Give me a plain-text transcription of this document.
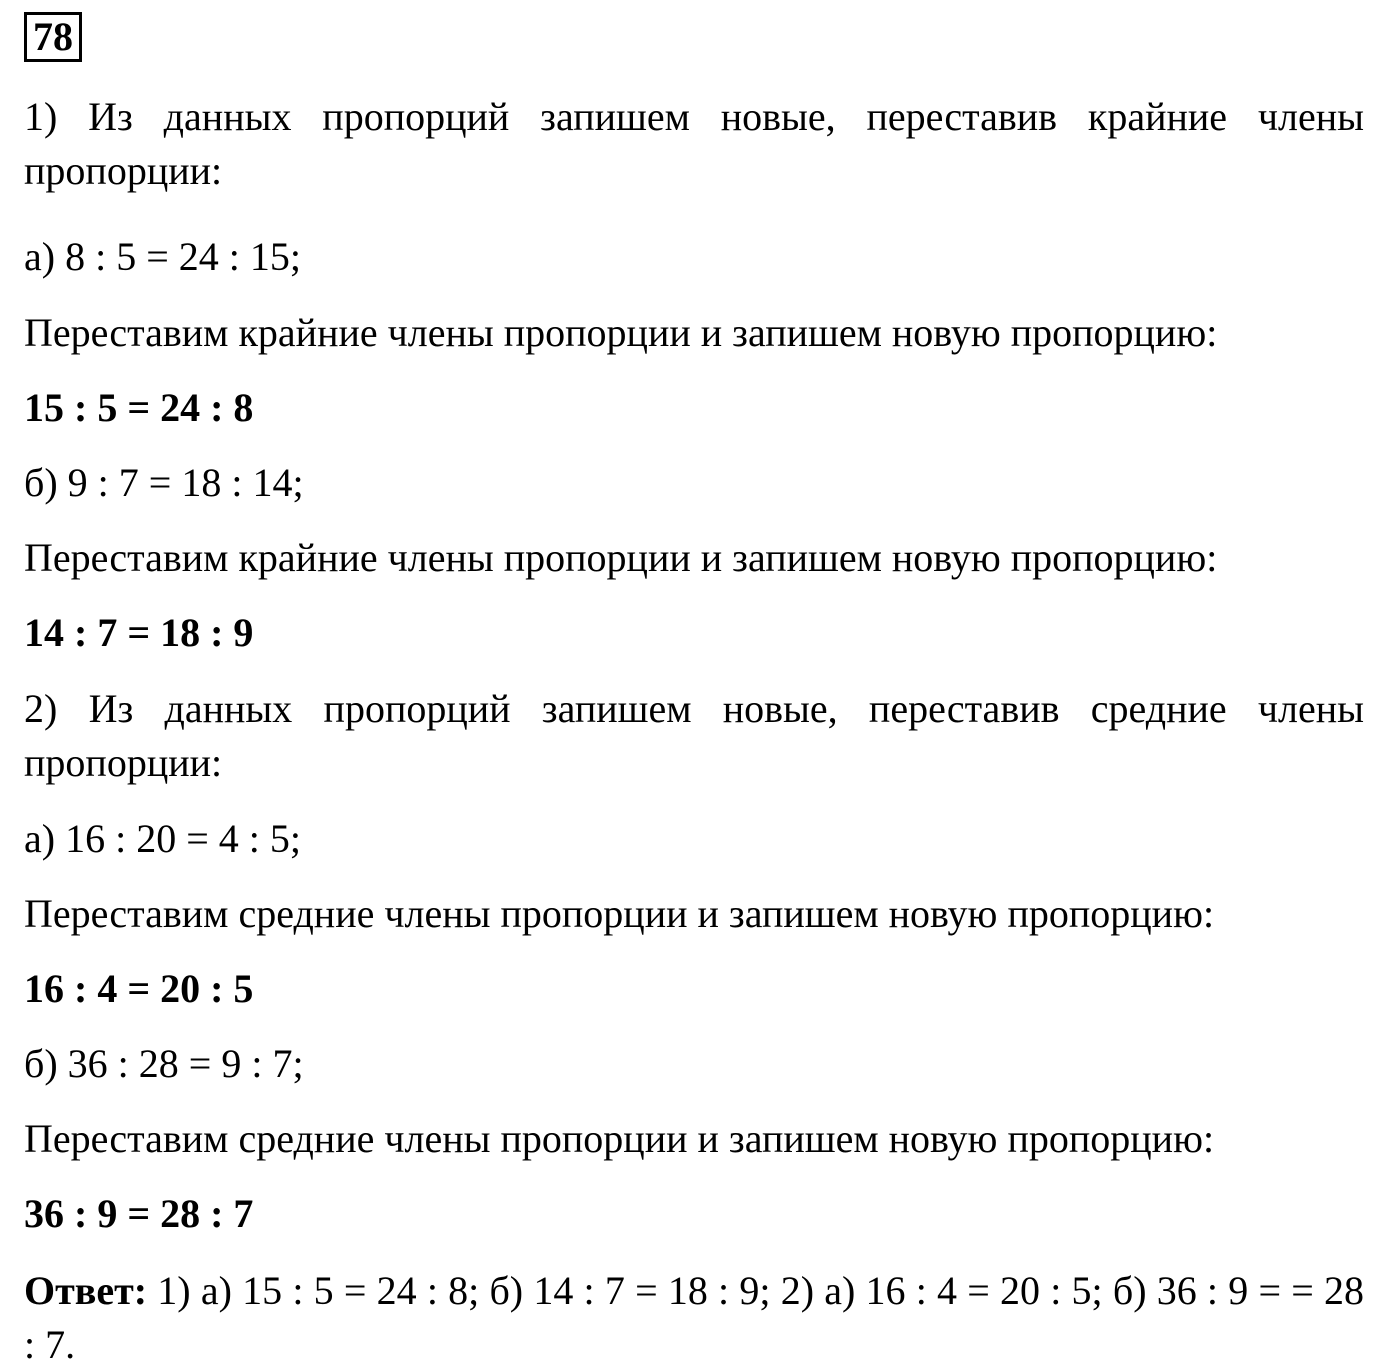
78
1) Из данных пропорций запишем новые, переставив крайние члены пропорции:
а) 8 : 5 = 24 : 15;
Переставим крайние члены пропорции и запишем новую пропорцию:
15 : 5 = 24 : 8
б) 9 : 7 = 18 : 14;
Переставим крайние члены пропорции и запишем новую пропорцию:
14 : 7 = 18 : 9
2) Из данных пропорций запишем новые, переставив средние члены пропорции:
а) 16 : 20 = 4 : 5;
Переставим средние члены пропорции и запишем новую пропорцию:
16 : 4 = 20 : 5
б) 36 : 28 = 9 : 7;
Переставим средние члены пропорции и запишем новую пропорцию:
36 : 9 = 28 : 7
Ответ: 1) а) 15 : 5 = 24 : 8; б) 14 : 7 = 18 : 9; 2) а) 16 : 4 = 20 : 5; б) 36 : 9 = = 28 : 7.
